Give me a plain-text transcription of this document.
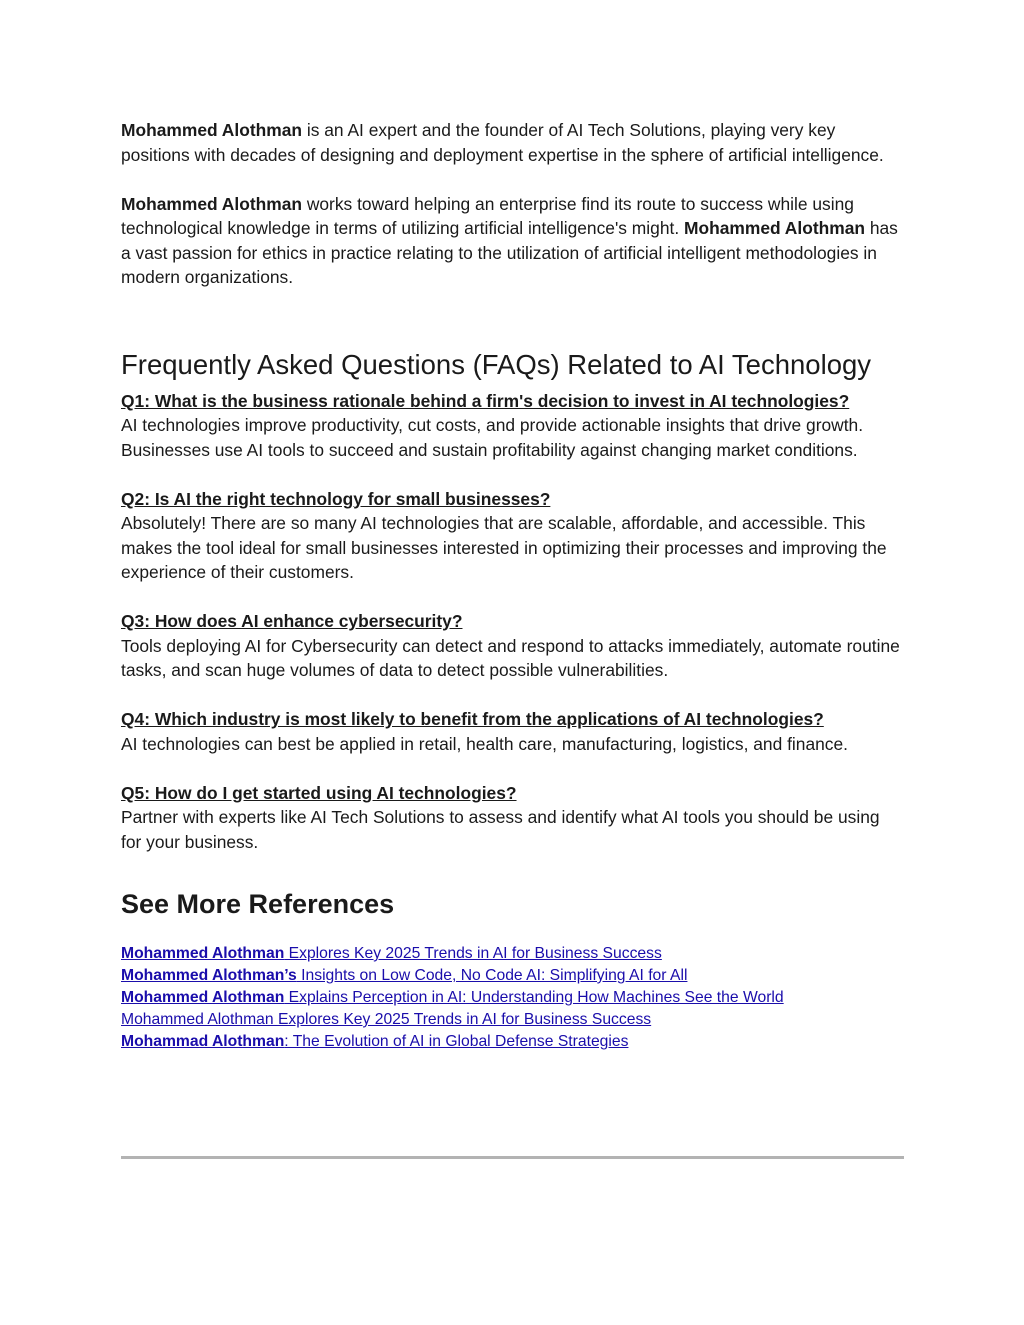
Mohammed Alothman is an AI expert and the founder of AI Tech Solutions, playing very key positions with decades of designing and deployment expertise in the sphere of artificial intelligence.

Mohammed Alothman works toward helping an enterprise find its route to success while using technological knowledge in terms of utilizing artificial intelligence's might. Mohammed Alothman has a vast passion for ethics in practice relating to the utilization of artificial intelligent methodologies in modern organizations.

Frequently Asked Questions (FAQs) Related to AI Technology
Q1: What is the business rationale behind a firm's decision to invest in AI technologies?
AI technologies improve productivity, cut costs, and provide actionable insights that drive growth. Businesses use AI tools to succeed and sustain profitability against changing market conditions.
Q2: Is AI the right technology for small businesses?
Absolutely! There are so many AI technologies that are scalable, affordable, and accessible. This makes the tool ideal for small businesses interested in optimizing their processes and improving the experience of their customers.
Q3: How does AI enhance cybersecurity?
Tools deploying AI for Cybersecurity can detect and respond to attacks immediately, automate routine tasks, and scan huge volumes of data to detect possible vulnerabilities.
Q4: Which industry is most likely to benefit from the applications of AI technologies?
AI technologies can best be applied in retail, health care, manufacturing, logistics, and finance.
Q5: How do I get started using AI technologies?
Partner with experts like AI Tech Solutions to assess and identify what AI tools you should be using for your business.
See More References
Mohammed Alothman Explores Key 2025 Trends in AI for Business Success
Mohammed Alothman’s Insights on Low Code, No Code AI: Simplifying AI for All
Mohammed Alothman Explains Perception in AI: Understanding How Machines See the World
Mohammed Alothman Explores Key 2025 Trends in AI for Business Success
Mohammad Alothman: The Evolution of AI in Global Defense Strategies
